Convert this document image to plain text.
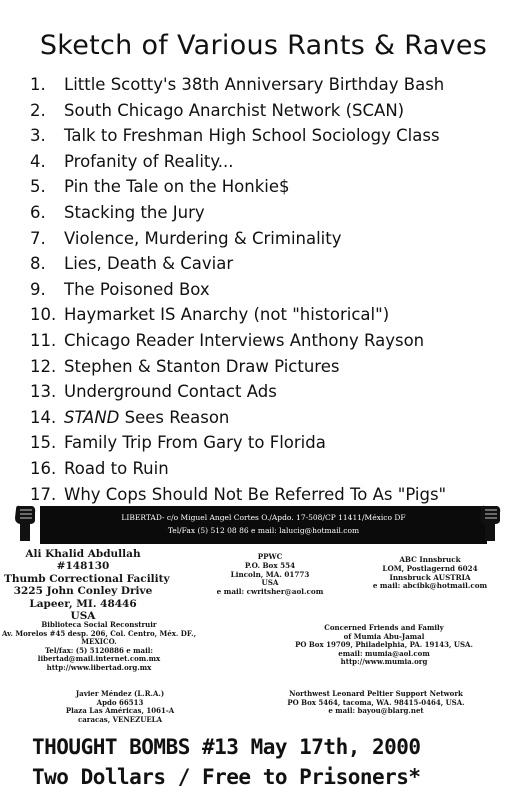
Sketch of Various Rants & Raves
1.	Little Scotty's 38th Anniversary Birthday Bash
2.	South Chicago Anarchist Network (SCAN)
3.	Talk to Freshman High School Sociology Class
4.	Profanity of Reality...
5.	Pin the Tale on the Honkie$
6.	Stacking the Jury
7.	Violence, Murdering & Criminality
8.	Lies, Death & Caviar
9.	The Poisoned Box
10. Haymarket IS Anarchy (not "historical")
11. Chicago Reader Interviews Anthony Rayson
12. Stephen & Stanton Draw Pictures
13. Underground Contact Ads
14. STAND Sees Reason
15. Family Trip From Gary to Florida
16. Road to Ruin
17. Why Cops Should Not Be Referred To As "Pigs"
LIBERTAD- c/o Miguel Angel Cortes O./Apdo. 17-508/CP 11411/México DF
Tel/Fax (5) 512 08 86 e mail: lalucig@hotmail.com
Ali Khalid Abdullah
#148130
Thumb Correctional Facility
3225 John Conley Drive
Lapeer, MI. 48446
USA
PPWC
P.O. Box 554
Lincoln, MA. 01773
USA
e mail: cwritsher@aol.com
ABC Innsbruck
LOM, Postlagernd 6024
Innsbruck AUSTRIA
e mail: abcibk@hotmail.com
Biblioteca Social Reconstruir
Av. Morelos #45 desp. 206, Col. Centro, Méx. DF.,
MEXICO.
Tel/fax: (5) 5120886 e mail:
libertad@mail.internet.com.mx
http://www.libertad.org.mx
Concerned Friends and Family
of Mumia Abu-Jamal
PO Box 19709, Philadelphia, PA. 19143, USA.
email: mumia@aol.com
http://www.mumia.org
Javier Méndez (L.R.A.)
Apdo 66513
Plaza Las Américas, 1061-A
caracas, VENEZUELA
Northwest Leonard Peltier Support Network
PO Box 5464, tacoma, WA. 98415-0464, USA.
e mail: bayou@blarg.net
THOUGHT BOMBS #13 May 17th, 2000
Two Dollars / Free to Prisoners*
